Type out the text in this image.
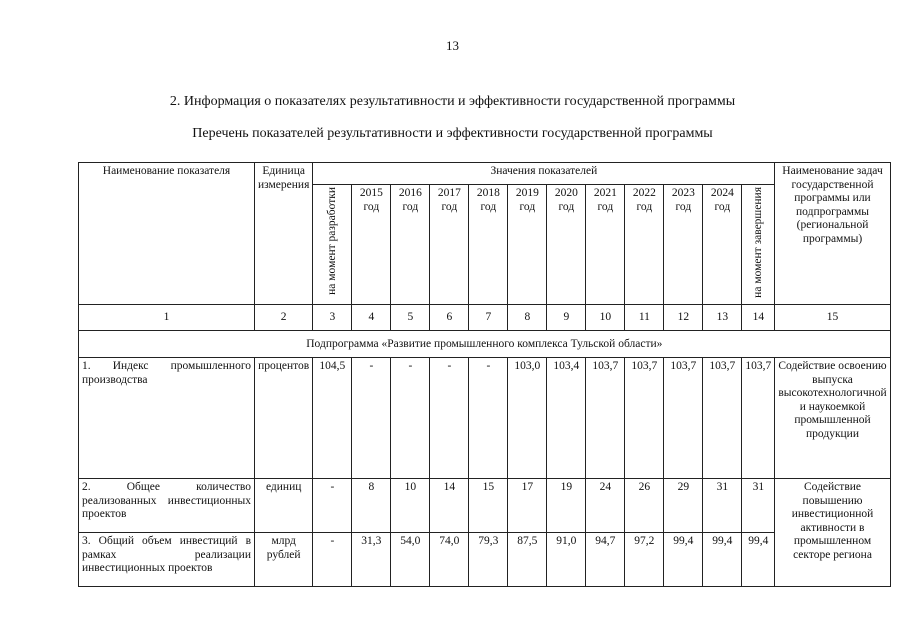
13
2. Информация о показателях результативности и эффективности государственной программы
Перечень показателей результативности и эффективности государственной программы
Наименование показателя	Единица измерения	Значения показателей												Наименование задач государственной программы или подпрограммы (региональной программы)
		на момент разработки	2015 год	2016 год	2017 год	2018 год	2019 год	2020 год	2021 год	2022 год	2023 год	2024 год	на момент завершения	
1	2	3	4	5	6	7	8	9	10	11	12	13	14	15
Подпрограмма «Развитие промышленного комплекса Тульской области»														
1. Индекс промышленного производства	процентов	104,5	-	-	-	-	103,0	103,4	103,7	103,7	103,7	103,7	103,7	Содействие освоению выпуска высокотехнологичной и наукоемкой промышленной продукции
2. Общее количество реализованных инвестиционных проектов	единиц	-	8	10	14	15	17	19	24	26	29	31	31	Содействие повышению инвестиционной активности в промышленном секторе региона
3. Общий объем инвестиций в рамках реализации инвестиционных проектов	млрд рублей	-	31,3	54,0	74,0	79,3	87,5	91,0	94,7	97,2	99,4	99,4	99,4	
